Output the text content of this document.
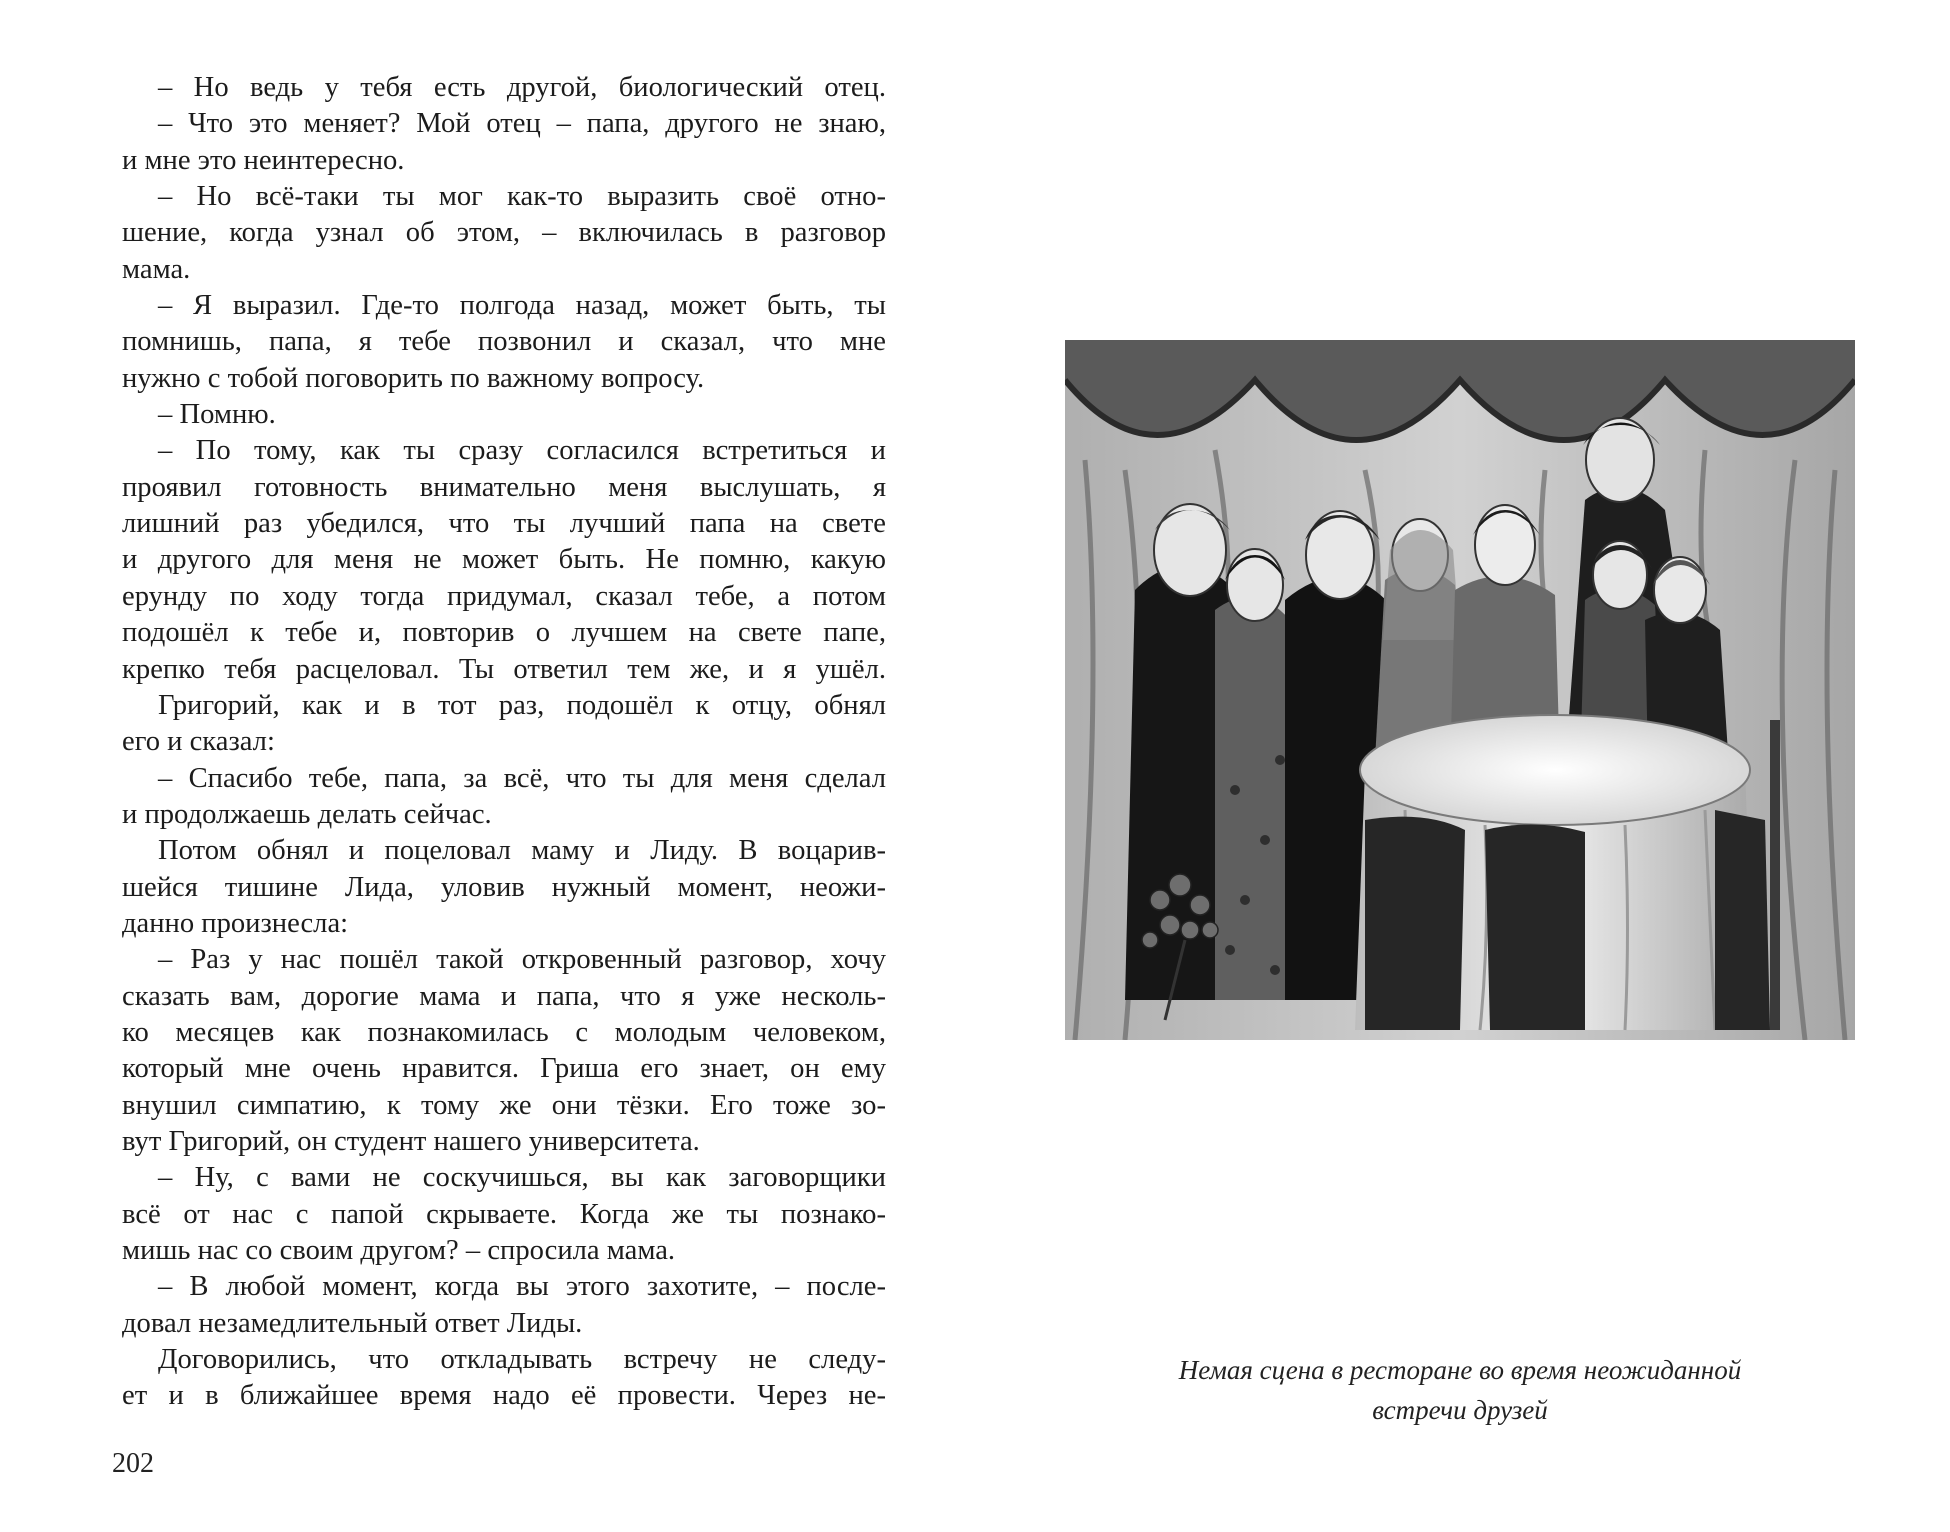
– Но ведь у тебя есть другой, биологический отец.
– Что это меняет? Мой отец – папа, другого не знаю,
и мне это неинтересно.
– Но всё-таки ты мог как-то выразить своё отно-
шение, когда узнал об этом, – включилась в разговор
мама.
– Я выразил. Где-то полгода назад, может быть, ты
помнишь, папа, я тебе позвонил и сказал, что мне
нужно с тобой поговорить по важному вопросу.
– Помню.
– По тому, как ты сразу согласился встретиться и
проявил готовность внимательно меня выслушать, я
лишний раз убедился, что ты лучший папа на свете
и другого для меня не может быть. Не помню, какую
ерунду по ходу тогда придумал, сказал тебе, а потом
подошёл к тебе и, повторив о лучшем на свете папе,
крепко тебя расцеловал. Ты ответил тем же, и я ушёл.
Григорий, как и в тот раз, подошёл к отцу, обнял
его и сказал:
– Спасибо тебе, папа, за всё, что ты для меня сделал
и продолжаешь делать сейчас.
Потом обнял и поцеловал маму и Лиду. В воцарив-
шейся тишине Лида, уловив нужный момент, неожи-
данно произнесла:
– Раз у нас пошёл такой откровенный разговор, хочу
сказать вам, дорогие мама и папа, что я уже несколь-
ко месяцев как познакомилась с молодым человеком,
который мне очень нравится. Гриша его знает, он ему
внушил симпатию, к тому же они тёзки. Его тоже зо-
вут Григорий, он студент нашего университета.
– Ну, с вами не соскучишься, вы как заговорщики
всё от нас с папой скрываете. Когда же ты познако-
мишь нас со своим другом? – спросила мама.
– В любой момент, когда вы этого захотите, – после-
довал незамедлительный ответ Лиды.
Договорились, что откладывать встречу не следу-
ет и в ближайшее время надо её провести. Через не-
202
Немая сцена в ресторане во время неожиданной
встречи друзей
